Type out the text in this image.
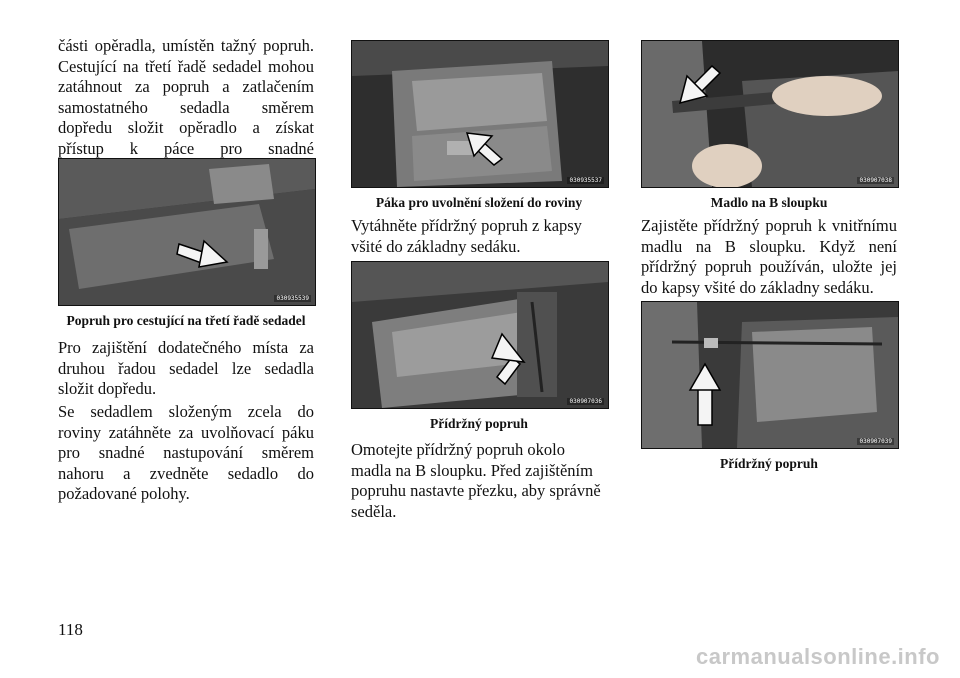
části opěradla, umístěn tažný popruh. Cestující na třetí řadě sedadel mohou zatáhnout za popruh a zatlačením samostatného sedadla směrem dopředu složit opěradlo a získat přístup k páce pro snadné

030935539
Popruh pro cestující na třetí řadě sedadel

Pro zajištění dodatečného místa za druhou řadou sedadel lze sedadla složit dopředu.

Se sedadlem složeným zcela do roviny zatáhněte za uvolňovací páku pro snadné nastupování směrem nahoru a zvedněte sedadlo do požadované polohy.

030935537
Páka pro uvolnění složení do roviny

Vytáhněte přídržný popruh z kapsy všité do základny sedáku.

030907036
Přídržný popruh

Omotejte přídržný popruh okolo madla na B sloupku. Před zajištěním popruhu nastavte přezku, aby správně seděla.

030907038
Madlo na B sloupku

Zajistěte přídržný popruh k vnitřnímu madlu na B sloupku. Když není přídržný popruh používán, uložte jej do kapsy všité do základny sedáku.

030907039
Přídržný popruh
118
carmanualsonline.info
